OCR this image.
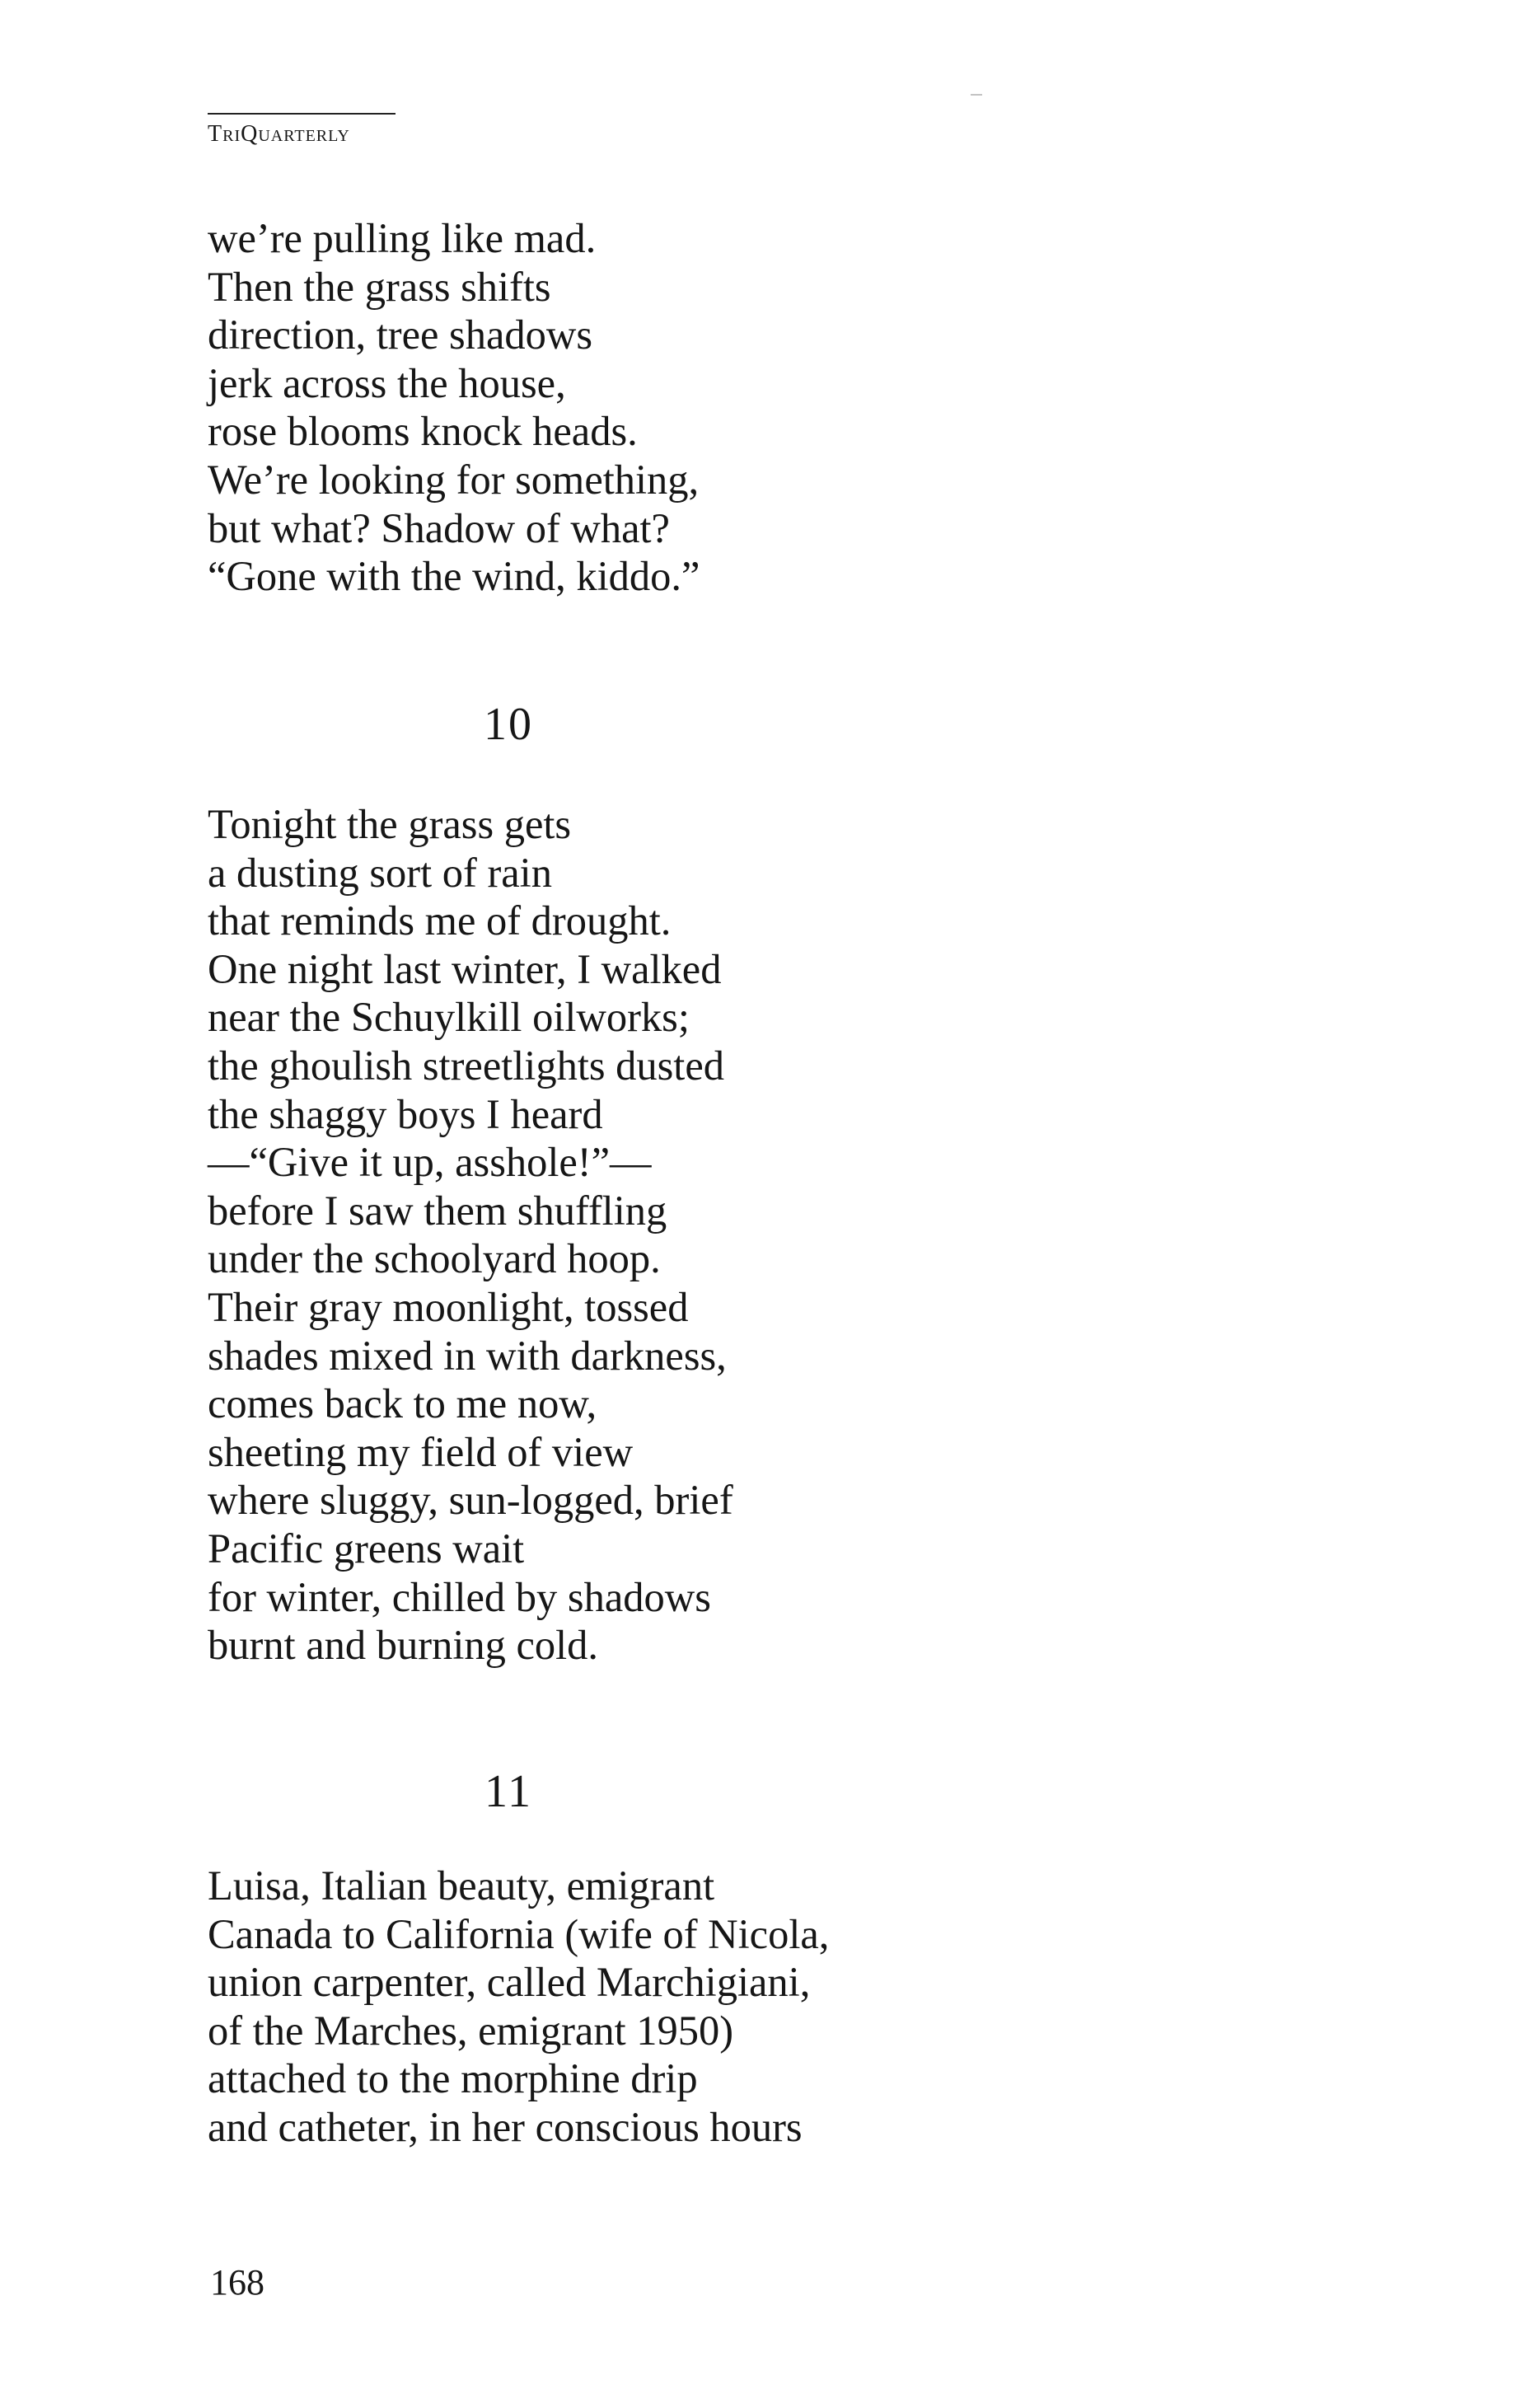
TriQuarterly
we’re pulling like mad.
Then the grass shifts
direction, tree shadows
jerk across the house,
rose blooms knock heads.
We’re looking for something,
but what? Shadow of what?
“Gone with the wind, kiddo.”
10
Tonight the grass gets
a dusting sort of rain
that reminds me of drought.
One night last winter, I walked
near the Schuylkill oilworks;
the ghoulish streetlights dusted
the shaggy boys I heard
—“Give it up, asshole!”—
before I saw them shuffling
under the schoolyard hoop.
Their gray moonlight, tossed
shades mixed in with darkness,
comes back to me now,
sheeting my field of view
where sluggy, sun-logged, brief
Pacific greens wait
for winter, chilled by shadows
burnt and burning cold.
11
Luisa, Italian beauty, emigrant
Canada to California (wife of Nicola,
union carpenter, called Marchigiani,
of the Marches, emigrant 1950)
attached to the morphine drip
and catheter, in her conscious hours
168
